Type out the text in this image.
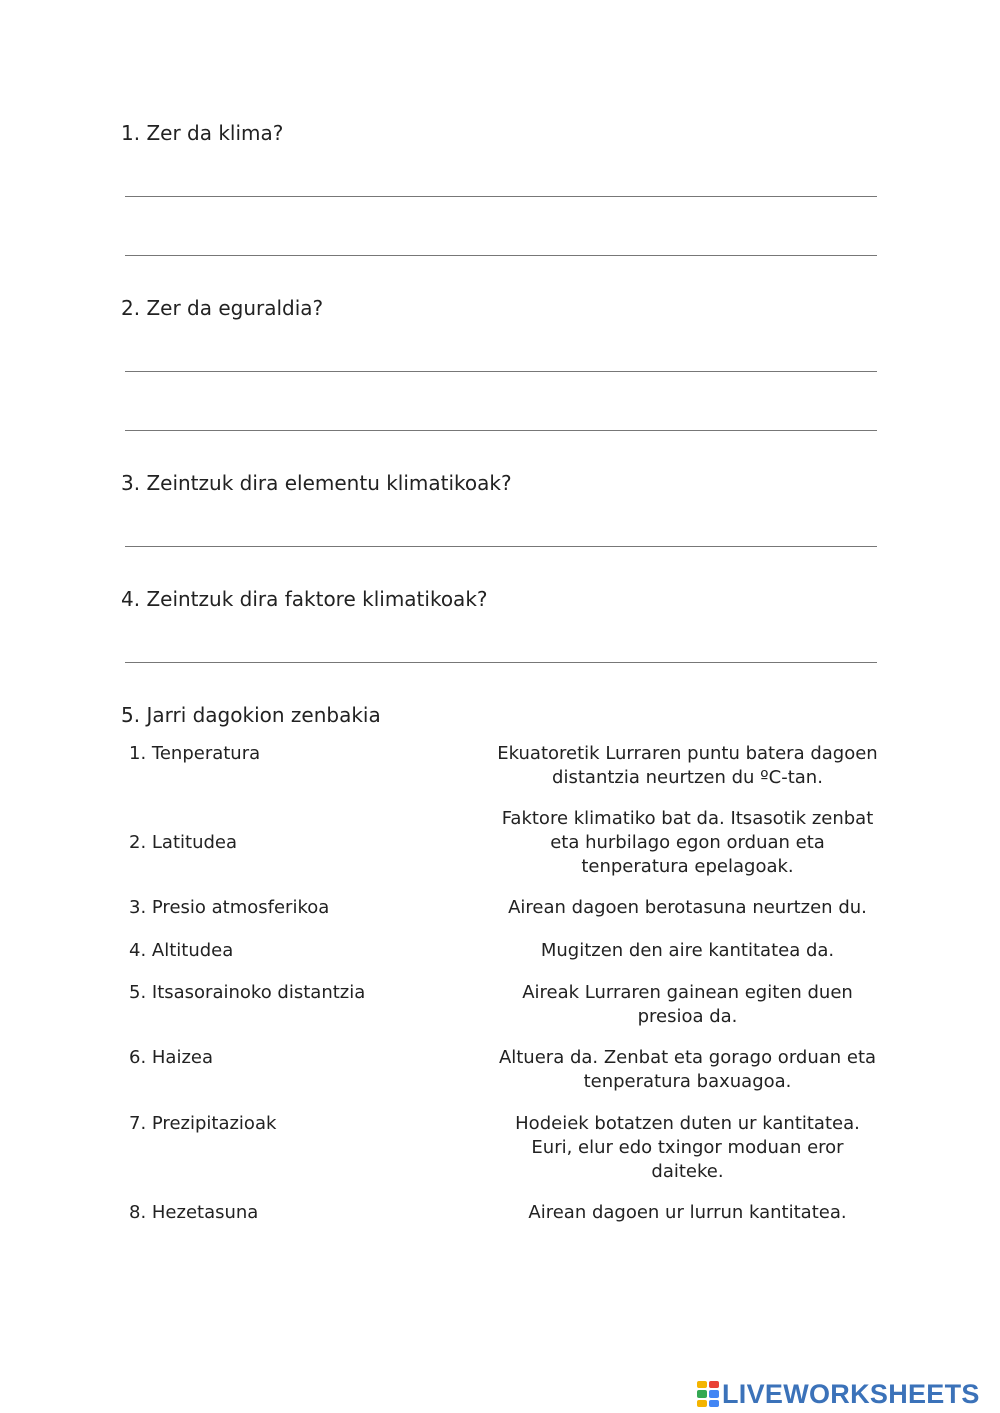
1. Zer da klima?
2. Zer da eguraldia?
3. Zeintzuk dira elementu klimatikoak?
4. Zeintzuk dira faktore klimatikoak?
5. Jarri dagokion zenbakia
1. Tenperatura
2. Latitudea
3. Presio atmosferikoa
4. Altitudea
5. Itsasorainoko distantzia
6. Haizea
7. Prezipitazioak
8. Hezetasuna
Ekuatoretik Lurraren puntu batera dagoen distantzia neurtzen du ºC-tan.
Faktore klimatiko bat da. Itsasotik zenbat eta hurbilago egon orduan eta tenperatura epelagoak.
Airean dagoen berotasuna neurtzen du.
Mugitzen den aire kantitatea da.
Aireak Lurraren gainean egiten duen presioa da.
Altuera da. Zenbat eta gorago orduan eta tenperatura baxuagoa.
Hodeiek botatzen duten ur kantitatea. Euri, elur edo txingor moduan eror daiteke.
Airean dagoen ur lurrun kantitatea.
LIVEWORKSHEETS
